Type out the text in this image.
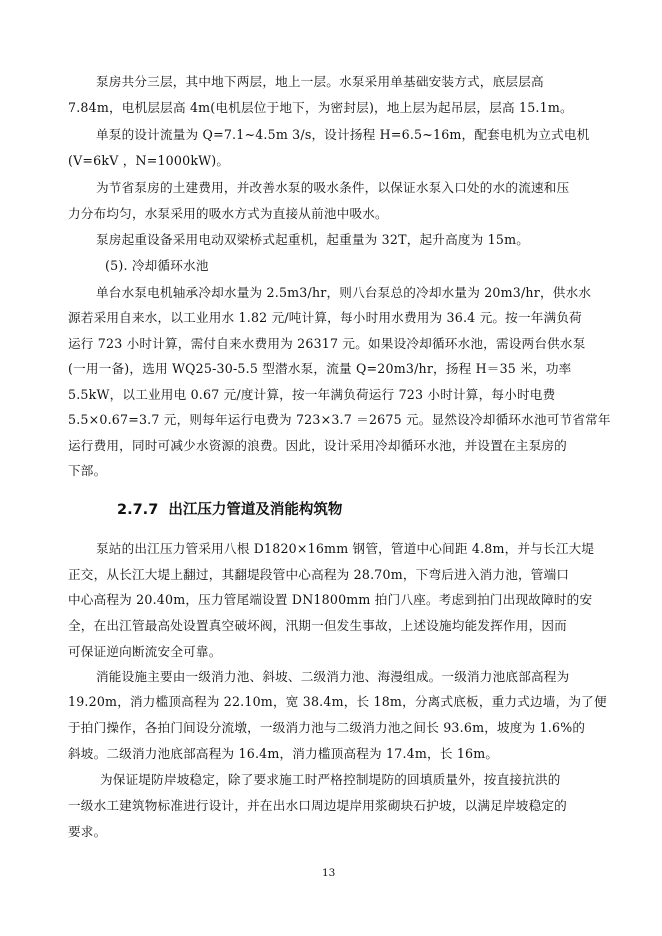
泵房共分三层，其中地下两层，地上一层。水泵采用单基础安装方式，底层层高

7.84m，电机层层高 4m(电机层位于地下，为密封层)，地上层为起吊层，层高 15.1m。

单泵的设计流量为 Q=7.1~4.5m 3/s，设计扬程 H=6.5~16m，配套电机为立式电机

(V=6kV ，N=1000kW)。

为节省泵房的土建费用，并改善水泵的吸水条件，以保证水泵入口处的水的流速和压

力分布均匀，水泵采用的吸水方式为直接从前池中吸水。

泵房起重设备采用电动双梁桥式起重机，起重量为 32T，起升高度为 15m。

(5). 冷却循环水池

单台水泵电机轴承冷却水量为 2.5m3/hr，则八台泵总的冷却水量为 20m3/hr，供水水

源若采用自来水，以工业用水 1.82 元/吨计算，每小时用水费用为 36.4 元。按一年满负荷

运行 723 小时计算，需付自来水费用为 26317 元。如果设冷却循环水池，需设两台供水泵

(一用一备)，选用 WQ25-30-5.5 型潜水泵，流量 Q=20m3/hr，扬程 H＝35 米，功率

5.5kW，以工业用电 0.67 元/度计算，按一年满负荷运行 723 小时计算，每小时电费

5.5×0.67=3.7 元，则每年运行电费为 723×3.7 ＝2675 元。显然设冷却循环水池可节省常年

运行费用，同时可减少水资源的浪费。因此，设计采用冷却循环水池，并设置在主泵房的

下部。

2.7.7  出江压力管道及消能构筑物

泵站的出江压力管采用八根 D1820×16mm 钢管，管道中心间距 4.8m，并与长江大堤

正交，从长江大堤上翻过，其翻堤段管中心高程为 28.70m，下弯后进入消力池，管端口

中心高程为 20.40m，压力管尾端设置 DN1800mm 拍门八座。考虑到拍门出现故障时的安

全，在出江管最高处设置真空破坏阀，汛期一但发生事故，上述设施均能发挥作用，因而

可保证逆向断流安全可靠。

消能设施主要由一级消力池、斜坡、二级消力池、海漫组成。一级消力池底部高程为

19.20m，消力槛顶高程为 22.10m，宽 38.4m，长 18m，分离式底板，重力式边墙，为了便

于拍门操作，各拍门间设分流墩，一级消力池与二级消力池之间长 93.6m，坡度为 1.6%的

斜坡。二级消力池底部高程为 16.4m，消力槛顶高程为 17.4m，长 16m。

为保证堤防岸坡稳定，除了要求施工时严格控制堤防的回填质量外，按直接抗洪的

一级水工建筑物标准进行设计，并在出水口周边堤岸用浆砌块石护坡，以满足岸坡稳定的

要求。

13
